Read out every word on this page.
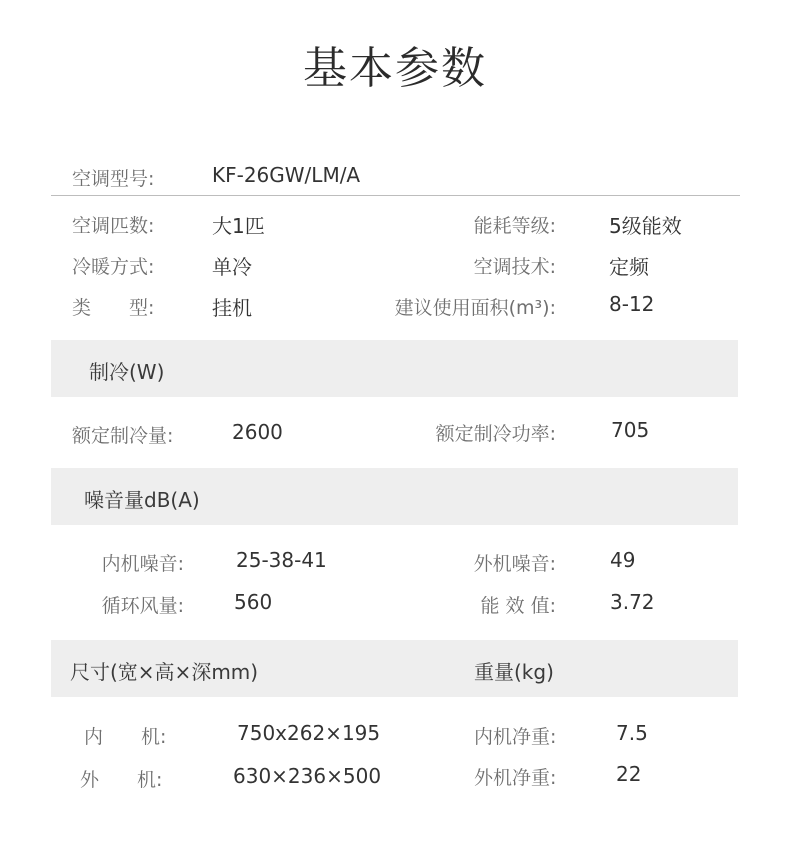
基本参数
空调型号:	KF-26GW/LM/A
空调匹数:	大1匹	能耗等级:	5级能效
冷暖方式:	单冷	空调技术:	定频
类　　型:	挂机	建议使用面积(m³):	8-12
制冷(W)
额定制冷量:	2600	额定制冷功率:	705
噪音量dB(A)
内机噪音:	25-38-41	外机噪音:	49
循环风量:	560	能 效 值:	3.72
尺寸(宽×高×深mm)	重量(kg)
内　　机:	750x262×195	内机净重:	7.5
外　　机:	630×236×500	外机净重:	22
